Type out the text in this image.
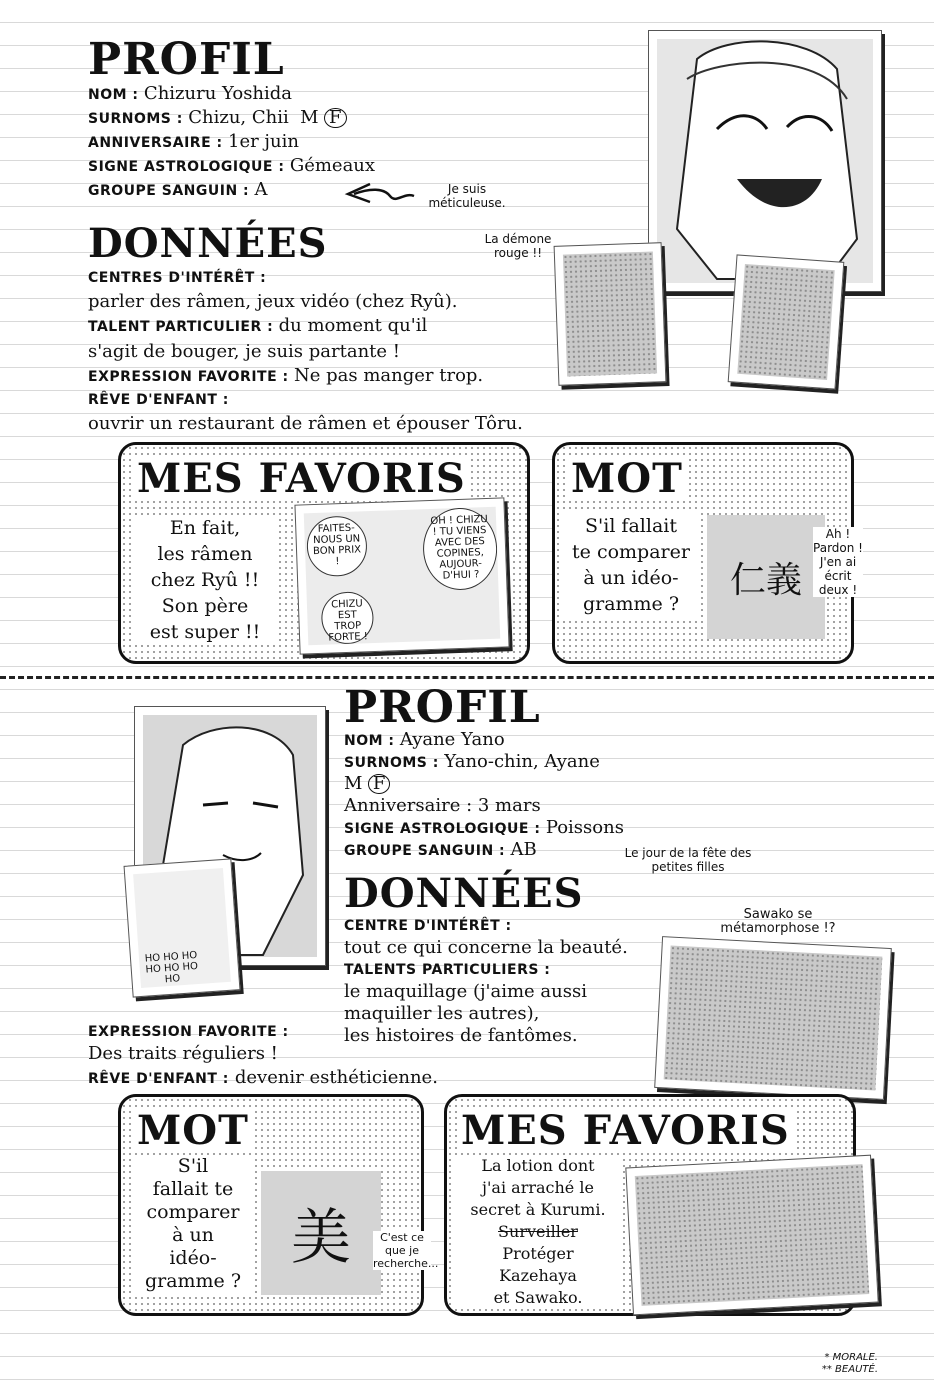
PROFIL
NOM : Chizuru Yoshida
SURNOMS : Chizu, Chii M F
ANNIVERSAIRE : 1er juin
SIGNE ASTROLOGIQUE : Gémeaux
GROUPE SANGUIN : A	Je suis méticuleuse.
DONNÉES	La démone rouge !!
CENTRES D'INTÉRÊT :
parler des râmen, jeux vidéo (chez Ryû).
TALENT PARTICULIER : du moment qu'il
s'agit de bouger, je suis partante !
EXPRESSION FAVORITE : Ne pas manger trop.
RÊVE D'ENFANT :
ouvrir un restaurant de râmen et épouser Tôru.
MES FAVORIS
En fait,
les râmen
chez Ryû !!
Son père
est super !!
FAITES-NOUS UN BON PRIX !
OH ! CHIZU ! TU VIENS AVEC DES COPINES, AUJOUR-D'HUI ?
CHIZU EST TROP FORTE !
MOT
S'il fallait
te comparer
à un idéo-
gramme ?
仁義
Ah ! Pardon ! J'en ai écrit deux !
HO HO HO HO HO HO HO
PROFIL
NOM : Ayane Yano
SURNOMS : Yano-chin, Ayane
M F
Anniversaire : 3 mars
SIGNE ASTROLOGIQUE : Poissons
GROUPE SANGUIN : AB	Le jour de la fête des petites filles
DONNÉES
CENTRE D'INTÉRÊT :
tout ce qui concerne la beauté.
TALENTS PARTICULIERS :
le maquillage (j'aime aussi
maquiller les autres),
les histoires de fantômes.
Sawako se métamorphose !?
EXPRESSION FAVORITE :
Des traits réguliers !
RÊVE D'ENFANT : devenir esthéticienne.
MOT
S'il
fallait te
comparer
à un
idéo-
gramme ?
美	C'est ce que je recherche...
MES FAVORIS
La lotion dont
j'ai arraché le
secret à Kurumi.
Surveiller
Protéger
Kazehaya
et Sawako.
* MORALE.
** BEAUTÉ.
